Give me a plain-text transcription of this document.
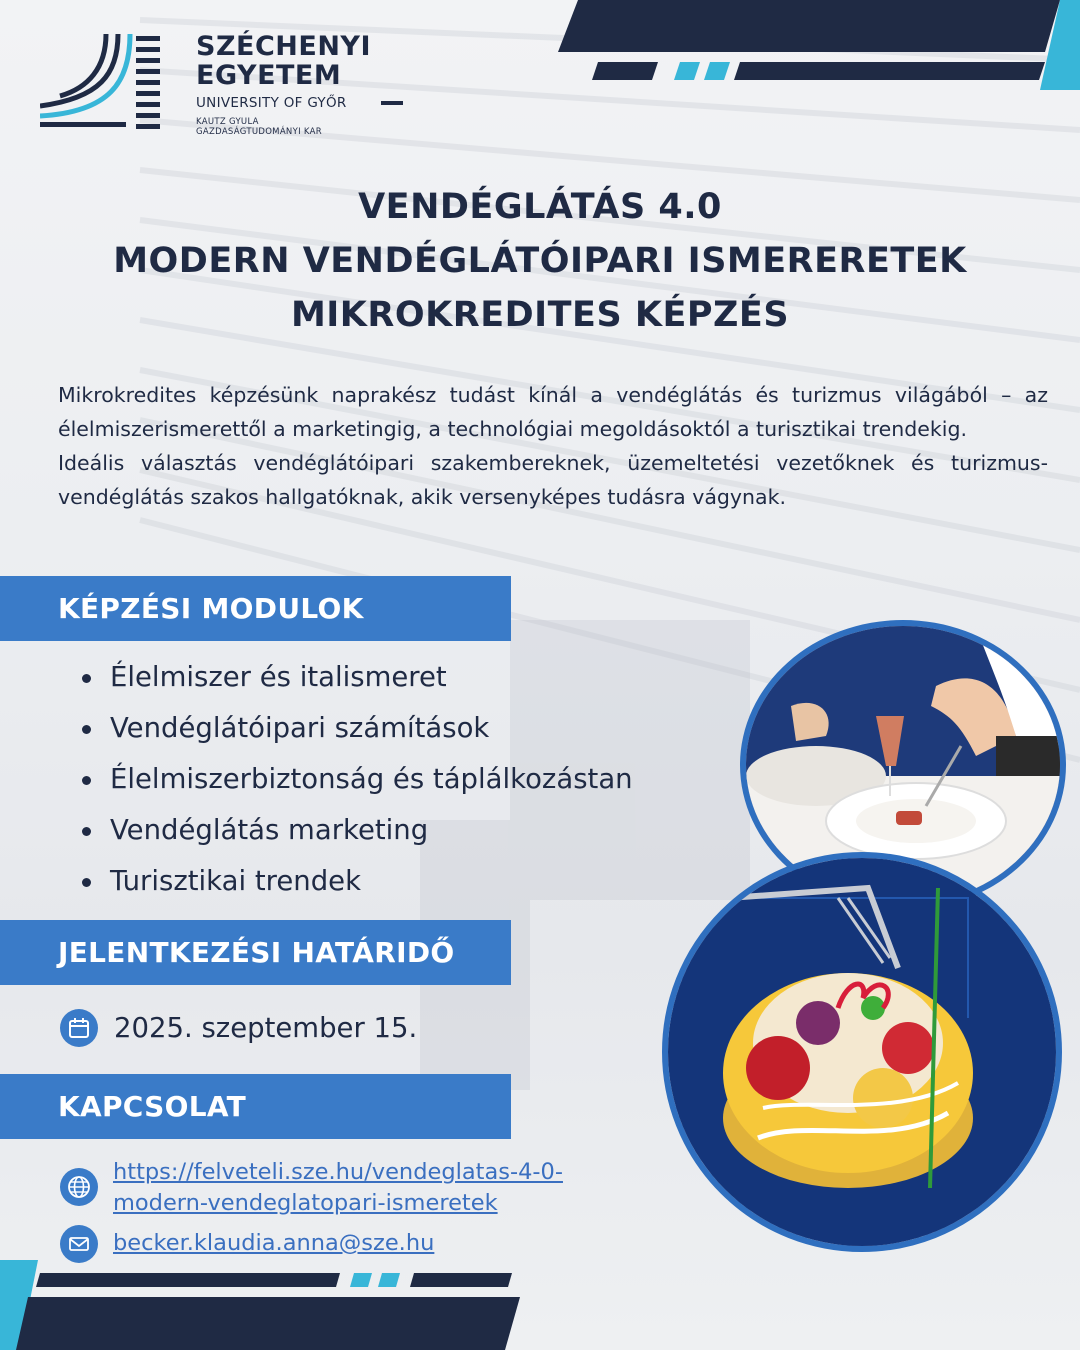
SZÉCHENYI
EGYETEM
UNIVERSITY OF GYŐR
KAUTZ GYULA
GAZDASÁGTUDOMÁNYI KAR
VENDÉGLÁTÁS 4.0
MODERN VENDÉGLÁTÓIPARI ISMERERETEK
MIKROKREDITES KÉPZÉS

Mikrokredites képzésünk naprakész tudást kínál a vendéglátás és turizmus világából – az élelmiszerismerettől a marketingig, a technológiai megoldásoktól a turisztikai trendekig.

Ideális választás vendéglátóipari szakembereknek, üzemeltetési vezetőknek és turizmus-vendéglátás szakos hallgatóknak, akik versenyképes tudásra vágynak.

KÉPZÉSI MODULOK
Élelmiszer és italismeret
Vendéglátóipari számítások
Élelmiszerbiztonság és táplálkozástan
Vendéglátás marketing
Turisztikai trendek
JELENTKEZÉSI HATÁRIDŐ
2025. szeptember 15.
KAPCSOLAT
https://felveteli.sze.hu/vendeglatas-4-0-
modern-vendeglatopari-ismeretek
becker.klaudia.anna@sze.hu
